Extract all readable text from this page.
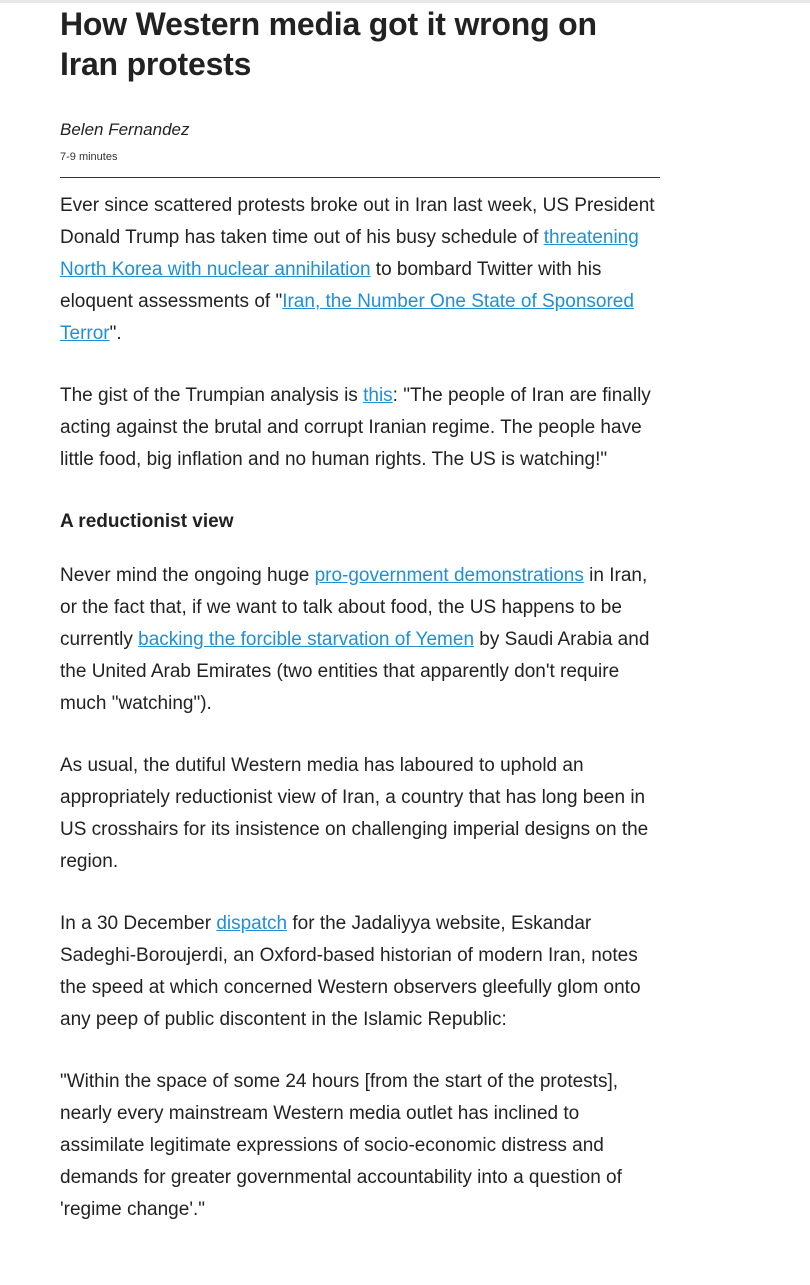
How Western media got it wrong on Iran protests
Belen Fernandez
7-9 minutes

Ever since scattered protests broke out in Iran last week, US President Donald Trump has taken time out of his busy schedule of threatening North Korea with nuclear annihilation to bombard Twitter with his eloquent assessments of "Iran, the Number One State of Sponsored Terror".

The gist of the Trumpian analysis is this: "The people of Iran are finally acting against the brutal and corrupt Iranian regime. The people have little food, big inflation and no human rights. The US is watching!"

A reductionist view

Never mind the ongoing huge pro-government demonstrations in Iran, or the fact that, if we want to talk about food, the US happens to be currently backing the forcible starvation of Yemen by Saudi Arabia and the United Arab Emirates (two entities that apparently don't require much "watching").

As usual, the dutiful Western media has laboured to uphold an appropriately reductionist view of Iran, a country that has long been in US crosshairs for its insistence on challenging imperial designs on the region.

In a 30 December dispatch for the Jadaliyya website, Eskandar Sadeghi-Boroujerdi, an Oxford-based historian of modern Iran, notes the speed at which concerned Western observers gleefully glom onto any peep of public discontent in the Islamic Republic:

"Within the space of some 24 hours [from the start of the protests], nearly every mainstream Western media outlet has inclined to assimilate legitimate expressions of socio-economic distress and demands for greater governmental accountability into a question of 'regime change'."
